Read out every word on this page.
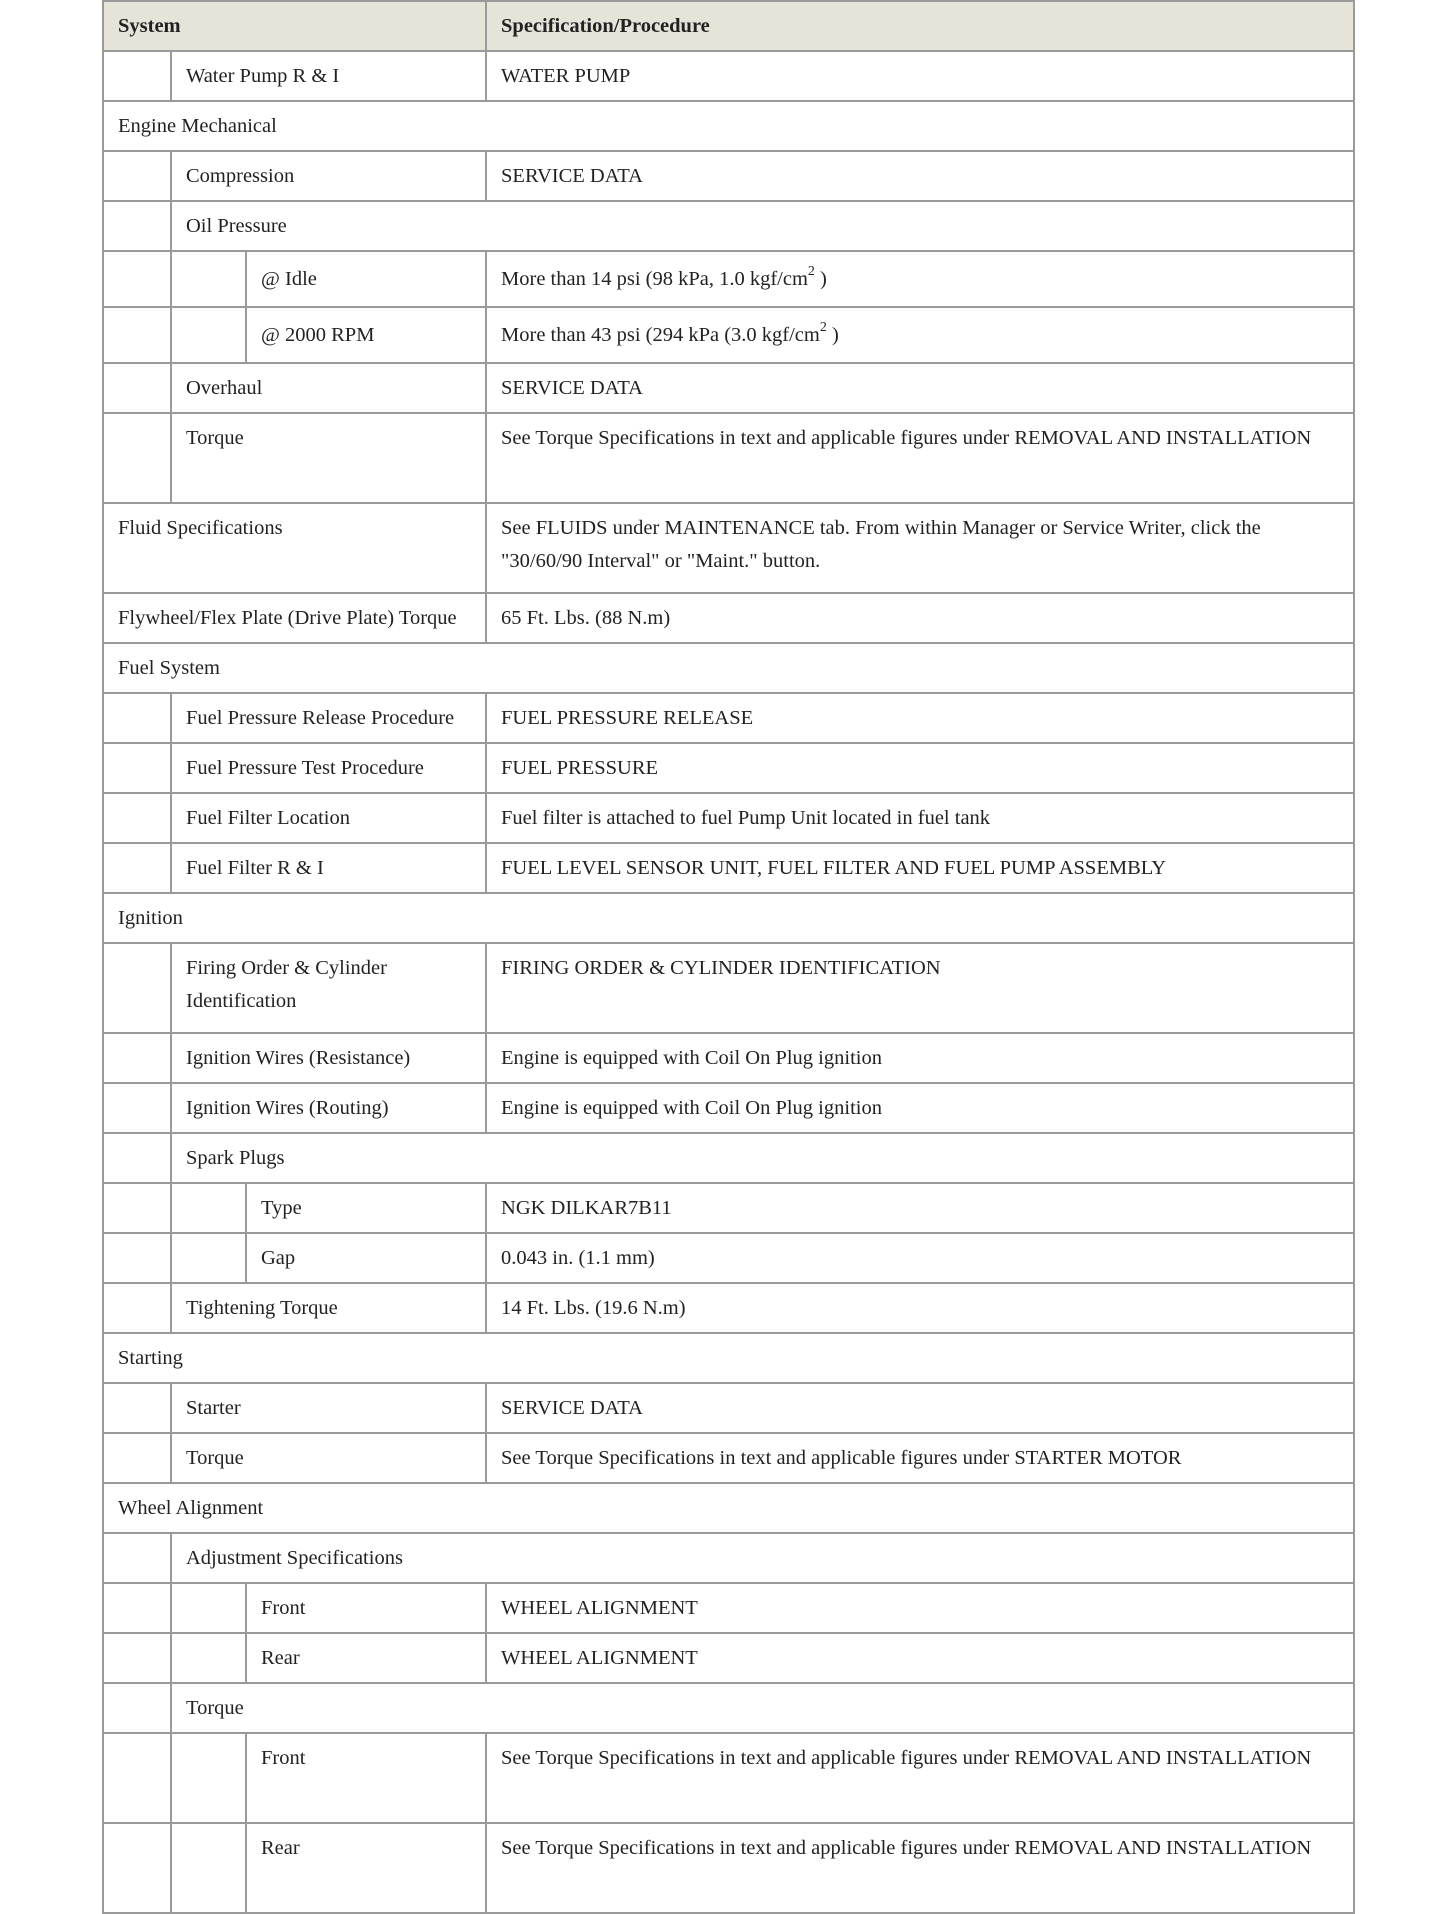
System			Specification/Procedure
	Water Pump R & I		WATER PUMP
Engine Mechanical			
	Compression		SERVICE DATA
	Oil Pressure		
		@ Idle	More than 14 psi (98 kPa, 1.0 kgf/$cm^2$ )
		@ 2000 RPM	More than 43 psi (294 kPa (3.0 kgf/$cm^2$ )
	Overhaul		SERVICE DATA
	Torque		See Torque Specifications in text and applicable figures under REMOVAL AND INSTALLATION
Fluid Specifications			See FLUIDS under MAINTENANCE tab. From within Manager or Service Writer, click the "30/60/90 Interval" or "Maint." button.
Flywheel/Flex Plate (Drive Plate) Torque			65 Ft. Lbs. (88 N.m)
Fuel System			
	Fuel Pressure Release Procedure		FUEL PRESSURE RELEASE
	Fuel Pressure Test Procedure		FUEL PRESSURE
	Fuel Filter Location		Fuel filter is attached to fuel Pump Unit located in fuel tank
	Fuel Filter R & I		FUEL LEVEL SENSOR UNIT, FUEL FILTER AND FUEL PUMP ASSEMBLY
Ignition			
	Firing Order & Cylinder Identification		FIRING ORDER & CYLINDER IDENTIFICATION
	Ignition Wires (Resistance)		Engine is equipped with Coil On Plug ignition
	Ignition Wires (Routing)		Engine is equipped with Coil On Plug ignition
	Spark Plugs		
		Type	NGK DILKAR7B11
		Gap	0.043 in. (1.1 mm)
	Tightening Torque		14 Ft. Lbs. (19.6 N.m)
Starting			
	Starter		SERVICE DATA
	Torque		See Torque Specifications in text and applicable figures under STARTER MOTOR
Wheel Alignment			
	Adjustment Specifications		
		Front	WHEEL ALIGNMENT
		Rear	WHEEL ALIGNMENT
	Torque		
		Front	See Torque Specifications in text and applicable figures under REMOVAL AND INSTALLATION
		Rear	See Torque Specifications in text and applicable figures under REMOVAL AND INSTALLATION
